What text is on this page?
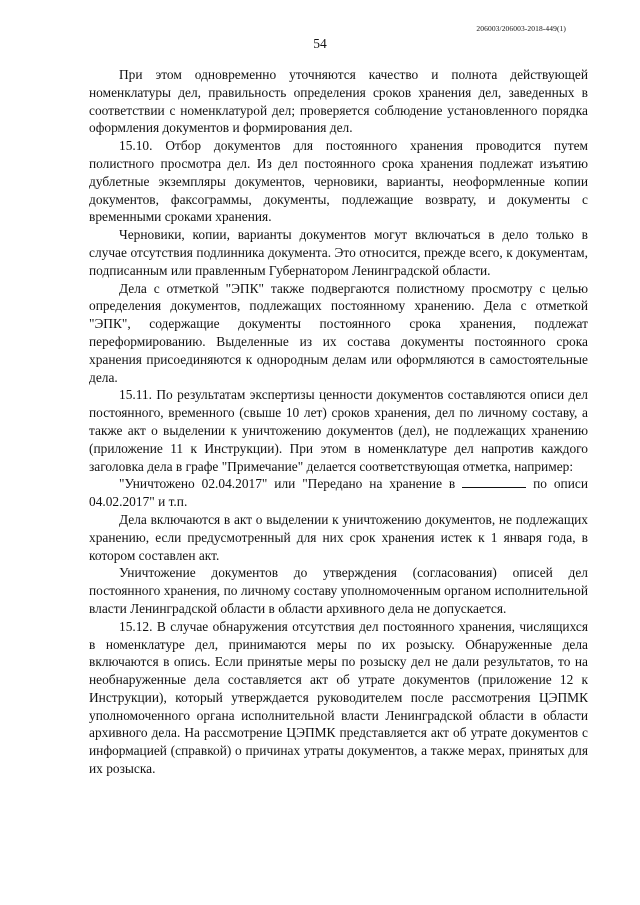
206003/206003-2018-449(1)
54

При этом одновременно уточняются качество и полнота действующей номенклатуры дел, правильность определения сроков хранения дел, заведенных в соответствии с номенклатурой дел; проверяется соблюдение установленного порядка оформления документов и формирования дел.

15.10. Отбор документов для постоянного хранения проводится путем полистного просмотра дел. Из дел постоянного срока хранения подлежат изъятию дублетные экземпляры документов, черновики, варианты, неоформленные копии документов, факсограммы, документы, подлежащие возврату, и документы с временными сроками хранения.

Черновики, копии, варианты документов могут включаться в дело только в случае отсутствия подлинника документа. Это относится, прежде всего, к документам, подписанным или правленным Губернатором Ленинградской области.

Дела с отметкой "ЭПК" также подвергаются полистному просмотру с целью определения документов, подлежащих постоянному хранению. Дела с отметкой "ЭПК", содержащие документы постоянного срока хранения, подлежат переформированию. Выделенные из их состава документы постоянного срока хранения присоединяются к однородным делам или оформляются в самостоятельные дела.

15.11. По результатам экспертизы ценности документов составляются описи дел постоянного, временного (свыше 10 лет) сроков хранения, дел по личному составу, а также акт о выделении к уничтожению документов (дел), не подлежащих хранению (приложение 11 к Инструкции). При этом в номенклатуре дел напротив каждого заголовка дела в графе "Примечание" делается соответствующая отметка, например:

"Уничтожено 02.04.2017" или "Передано на хранение в	по описи 04.02.2017" и т.п.

Дела включаются в акт о выделении к уничтожению документов, не подлежащих хранению, если предусмотренный для них срок хранения истек к 1 января года, в котором составлен акт.

Уничтожение документов до утверждения (согласования) описей дел постоянного хранения, по личному составу уполномоченным органом исполнительной власти Ленинградской области в области архивного дела не допускается.

15.12. В случае обнаружения отсутствия дел постоянного хранения, числящихся в номенклатуре дел, принимаются меры по их розыску. Обнаруженные дела включаются в опись. Если принятые меры по розыску дел не дали результатов, то на необнаруженные дела составляется акт об утрате документов (приложение 12 к Инструкции), который утверждается руководителем после рассмотрения ЦЭПМК уполномоченного органа исполнительной власти Ленинградской области в области архивного дела. На рассмотрение ЦЭПМК представляется акт об утрате документов с информацией (справкой) о причинах утраты документов, а также мерах, принятых для их розыска.
